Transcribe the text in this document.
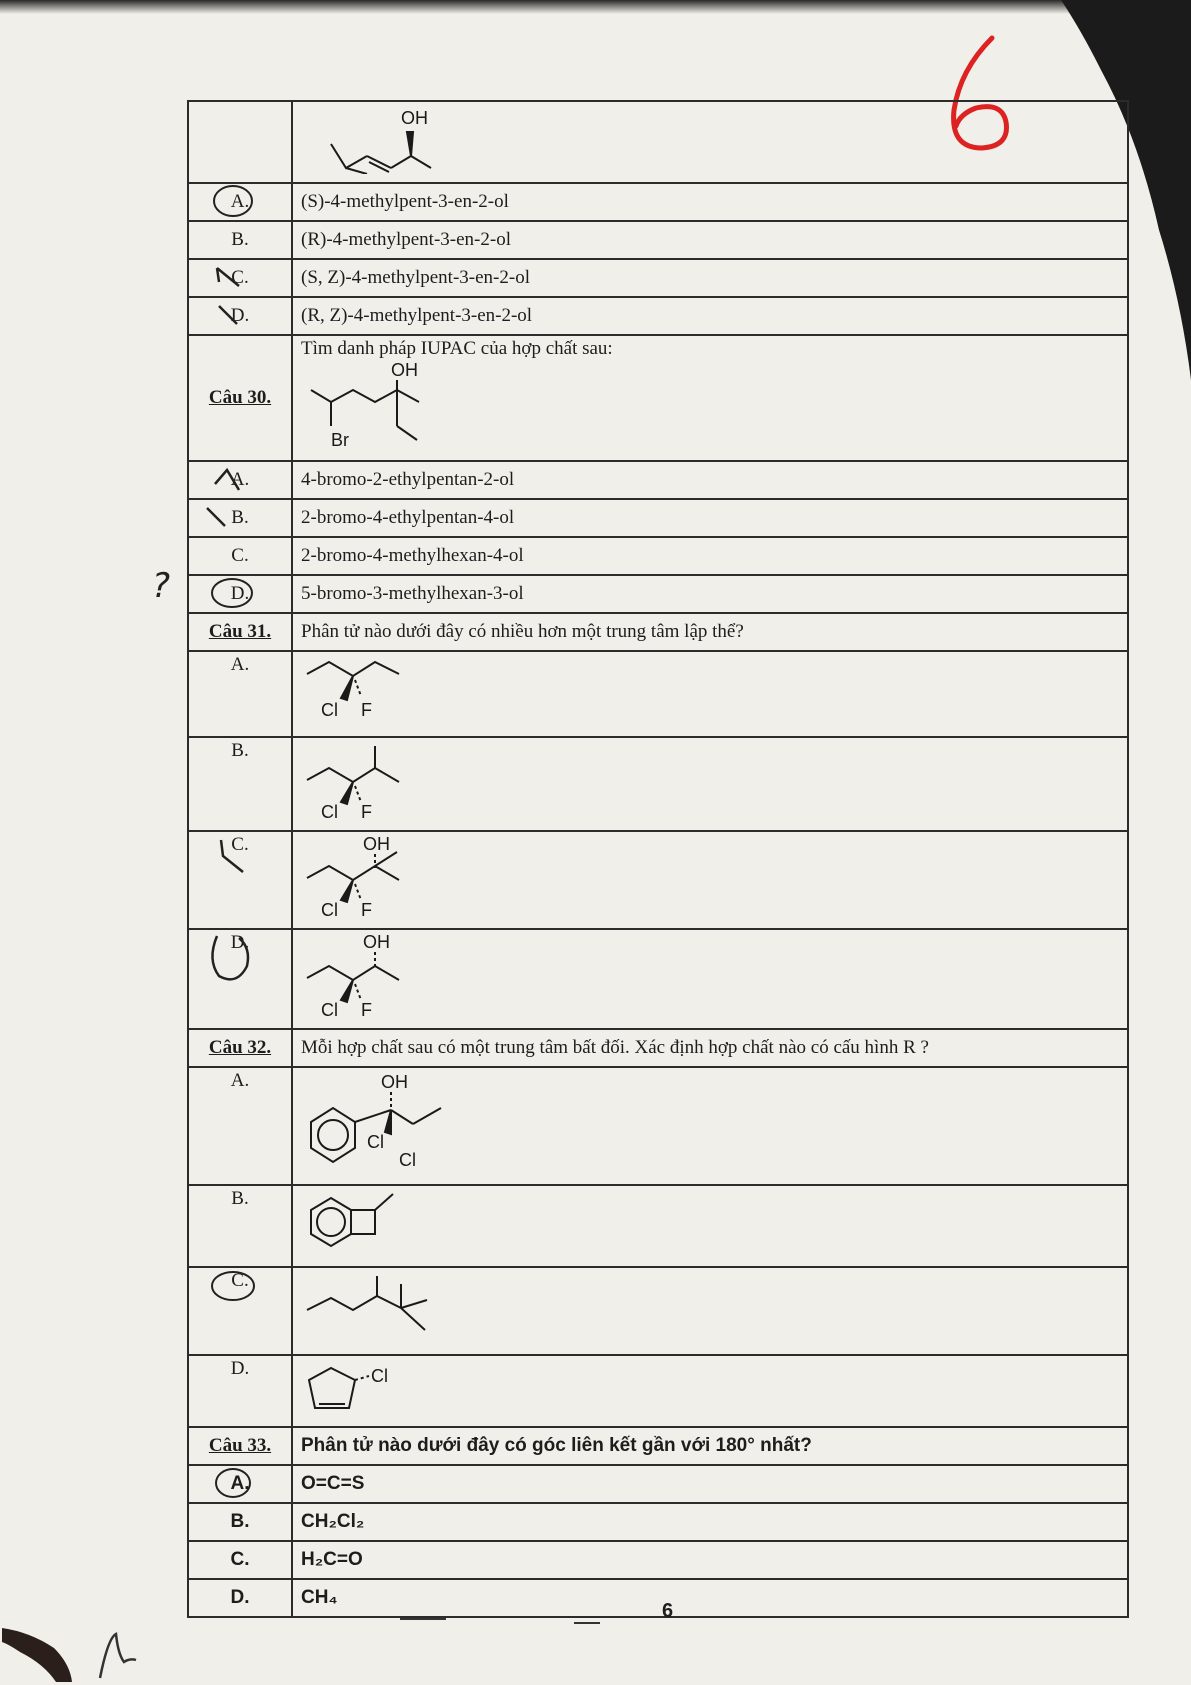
?

OH

A.	(S)-4-methylpent-3-en-2-ol
B.	(R)-4-methylpent-3-en-2-ol
C.	(S, Z)-4-methylpent-3-en-2-ol
D.	(R, Z)-4-methylpent-3-en-2-ol
Câu 30.	Tìm danh pháp IUPAC của hợp chất sau:
OH
Br

A.	4-bromo-2-ethylpentan-2-ol
B.	2-bromo-4-ethylpentan-4-ol
C.	2-bromo-4-methylhexan-4-ol
D.	5-bromo-3-methylhexan-3-ol
Câu 31.	Phân tử nào dưới đây có nhiều hơn một trung tâm lập thể?
A.	Cl F

B.	Cl F

C.	OH
Cl F

D.	OH
Cl F

Câu 32.	Mỗi hợp chất sau có một trung tâm bất đối. Xác định hợp chất nào có cấu hình R ?
A.	OH
Cl
Cl

B.	
C.

D.	Cl

Câu 33.	Phân tử nào dưới đây có góc liên kết gần với 180° nhất?
A.	O=C=S
B.	CH₂Cl₂
C.	H₂C=O
D.	CH₄
6
